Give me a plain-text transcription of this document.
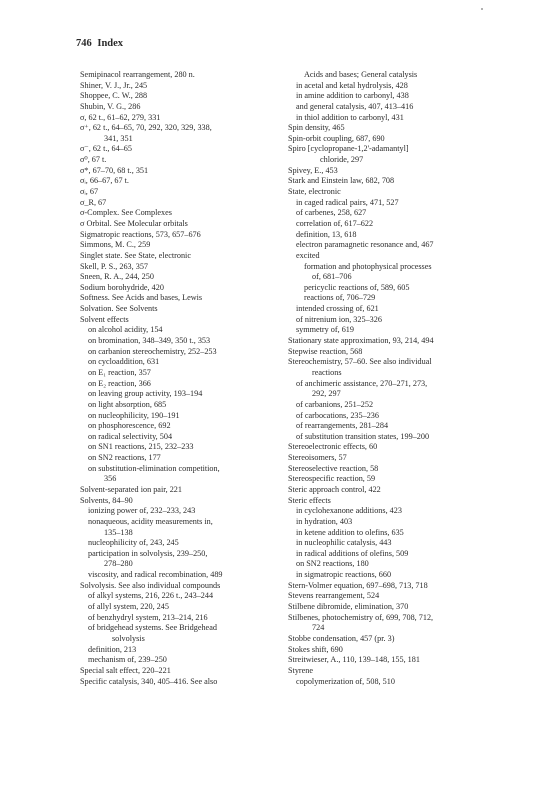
746 Index
Semipinacol rearrangement, 280 n.
Shiner, V. J., Jr., 245
Shoppee, C. W., 288
Shubin, V. G., 286
σ, 62 t., 61–62, 279, 331
σ⁺, 62 t., 64–65, 70, 292, 320, 329, 338,
341, 351
σ⁻, 62 t., 64–65
σ⁰, 67 t.
σ*, 67–70, 68 t., 351
σᵢ, 66–67, 67 t.
σᵢ, 67
σ_R, 67
σ-Complex. See Complexes
σ Orbital. See Molecular orbitals
Sigmatropic reactions, 573, 657–676
Simmons, M. C., 259
Singlet state. See State, electronic
Skell, P. S., 263, 357
Sneen, R. A., 244, 250
Sodium borohydride, 420
Softness. See Acids and bases, Lewis
Solvation. See Solvents
Solvent effects
on alcohol acidity, 154
on bromination, 348–349, 350 t., 353
on carbanion stereochemistry, 252–253
on cycloaddition, 631
on E₁ reaction, 357
on E₂ reaction, 366
on leaving group activity, 193–194
on light absorption, 685
on nucleophilicity, 190–191
on phosphorescence, 692
on radical selectivity, 504
on SN1 reactions, 215, 232–233
on SN2 reactions, 177
on substitution-elimination competition,
356
Solvent-separated ion pair, 221
Solvents, 84–90
ionizing power of, 232–233, 243
nonaqueous, acidity measurements in,
135–138
nucleophilicity of, 243, 245
participation in solvolysis, 239–250,
278–280
viscosity, and radical recombination, 489
Solvolysis. See also individual compounds
of alkyl systems, 216, 226 t., 243–244
of allyl system, 220, 245
of benzhydryl system, 213–214, 216
of bridgehead systems. See Bridgehead
solvolysis
definition, 213
mechanism of, 239–250
Special salt effect, 220–221
Specific catalysis, 340, 405–416. See also
Acids and bases; General catalysis
in acetal and ketal hydrolysis, 428
in amine addition to carbonyl, 438
and general catalysis, 407, 413–416
in thiol addition to carbonyl, 431
Spin density, 465
Spin-orbit coupling, 687, 690
Spiro [cyclopropane-1,2'-adamantyl]
chloride, 297
Spivey, E., 453
Stark and Einstein law, 682, 708
State, electronic
in caged radical pairs, 471, 527
of carbenes, 258, 627
correlation of, 617–622
definition, 13, 618
electron paramagnetic resonance and, 467
excited
formation and photophysical processes
of, 681–706
pericyclic reactions of, 589, 605
reactions of, 706–729
intended crossing of, 621
of nitrenium ion, 325–326
symmetry of, 619
Stationary state approximation, 93, 214, 494
Stepwise reaction, 568
Stereochemistry, 57–60. See also individual
reactions
of anchimeric assistance, 270–271, 273,
292, 297
of carbanions, 251–252
of carbocations, 235–236
of rearrangements, 281–284
of substitution transition states, 199–200
Stereoelectronic effects, 60
Stereoisomers, 57
Stereoselective reaction, 58
Stereospecific reaction, 59
Steric approach control, 422
Steric effects
in cyclohexanone additions, 423
in hydration, 403
in ketene addition to olefins, 635
in nucleophilic catalysis, 443
in radical additions of olefins, 509
on SN2 reactions, 180
in sigmatropic reactions, 660
Stern-Volmer equation, 697–698, 713, 718
Stevens rearrangement, 524
Stilbene dibromide, elimination, 370
Stilbenes, photochemistry of, 699, 708, 712,
724
Stobbe condensation, 457 (pr. 3)
Stokes shift, 690
Streitwieser, A., 110, 139–148, 155, 181
Styrene
copolymerization of, 508, 510
